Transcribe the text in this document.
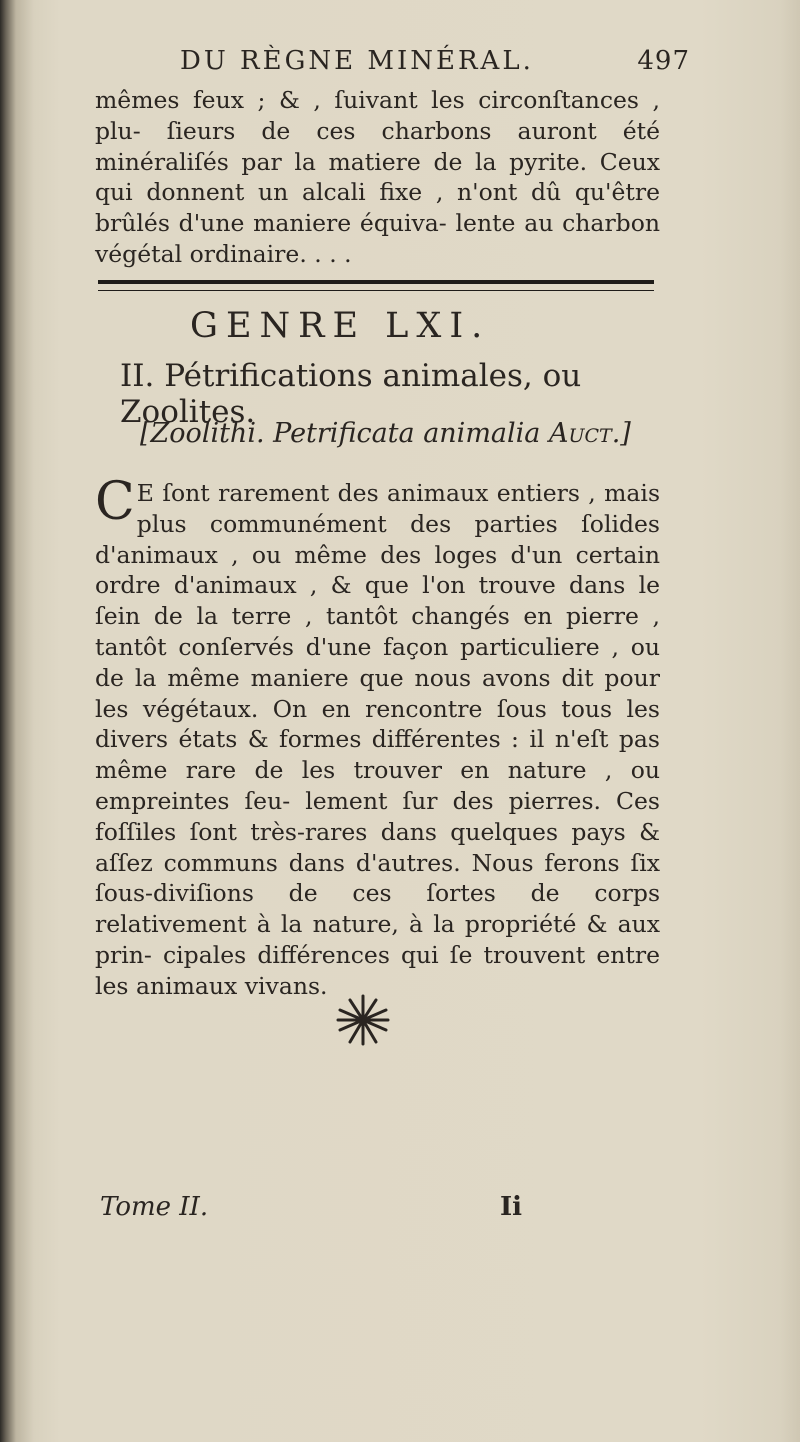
DU RÈGNE MINÉRAL.	497

mêmes feux ; & , ſuivant les circonſtances , plu- ſieurs de ces charbons auront été minéraliſés par la matiere de la pyrite. Ceux qui donnent un alcali fixe , n'ont dû qu'être brûlés d'une maniere équiva- lente au charbon végétal ordinaire. . . .

GENRE LXI.
II. Pétrifications animales, ou Zoolites.
[Zoolithi. Petrificata animalia Auct.]
C E ſont rarement des animaux entiers , mais plus communément des parties ſolides d'animaux , ou même des loges d'un certain ordre d'animaux , & que l'on trouve dans le ſein de la terre , tantôt changés en pierre , tantôt conſervés d'une façon particuliere , ou de la même maniere que nous avons dit pour les végétaux. On en rencontre ſous tous les divers états & formes différentes : il n'eſt pas même rare de les trouver en nature , ou empreintes ſeu- lement ſur des pierres. Ces foſſiles ſont très-rares dans quelques pays & aſſez communs dans d'autres. Nous ferons ſix ſous-diviſions de ces ſortes de corps relativement à la nature, à la propriété & aux prin- cipales différences qui ſe trouvent entre les animaux vivans.
Tome II.	Ii
